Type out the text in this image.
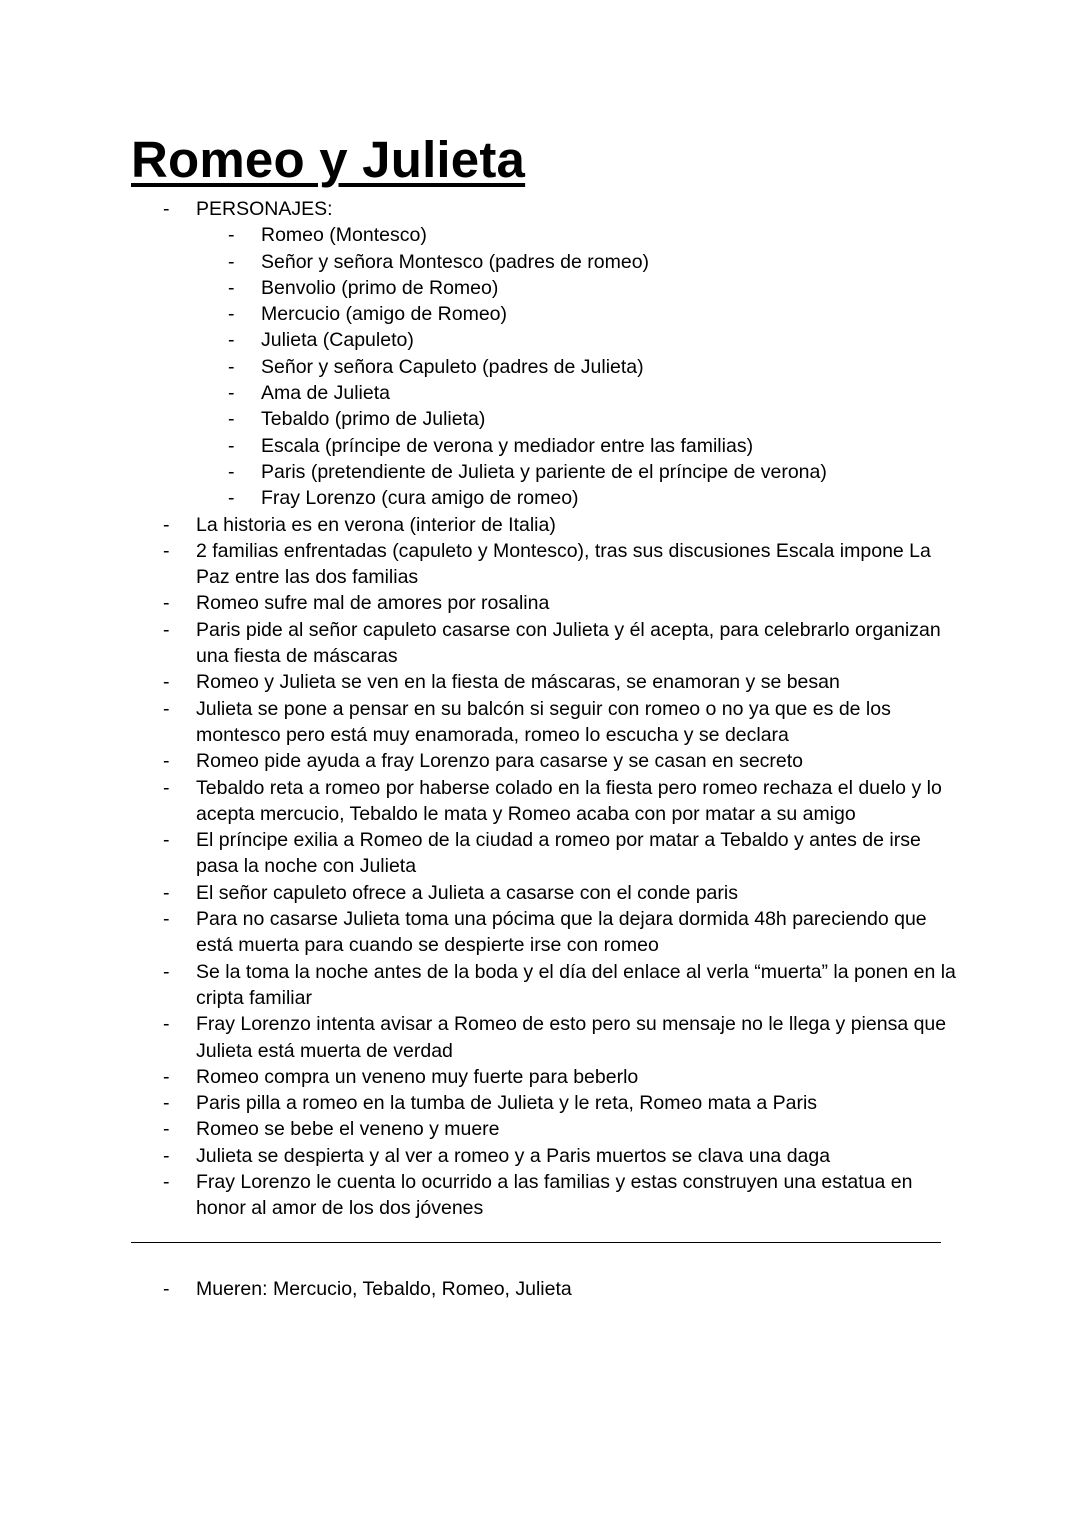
Romeo y Julieta
- PERSONAJES:
- Romeo (Montesco)
- Señor y señora Montesco (padres de romeo)
- Benvolio (primo de Romeo)
- Mercucio (amigo de Romeo)
- Julieta (Capuleto)
- Señor y señora Capuleto (padres de Julieta)
- Ama de Julieta
- Tebaldo (primo de Julieta)
- Escala (príncipe de verona y mediador entre las familias)
- Paris (pretendiente de Julieta y pariente de el príncipe de verona)
- Fray Lorenzo (cura amigo de romeo)
- La historia es en verona (interior de Italia)
- 2 familias enfrentadas (capuleto y Montesco), tras sus discusiones Escala impone La Paz entre las dos familias
- Romeo sufre mal de amores por rosalina
- Paris pide al señor capuleto casarse con Julieta y él acepta, para celebrarlo organizan una fiesta de máscaras
- Romeo y Julieta se ven en la fiesta de máscaras, se enamoran y se besan
- Julieta se pone a pensar en su balcón si seguir con romeo o no ya que es de los montesco pero está muy enamorada, romeo lo escucha y se declara
- Romeo pide ayuda a fray Lorenzo para casarse y se casan en secreto
- Tebaldo reta a romeo por haberse colado en la fiesta pero romeo rechaza el duelo y lo acepta mercucio, Tebaldo le mata y Romeo acaba con por matar a su amigo
- El príncipe exilia a Romeo de la ciudad a romeo por matar a Tebaldo y antes de irse pasa la noche con Julieta
- El señor capuleto ofrece a Julieta a casarse con el conde paris
- Para no casarse Julieta toma una pócima que la dejara dormida 48h pareciendo que está muerta para cuando se despierte irse con romeo
- Se la toma la noche antes de la boda y el día del enlace al verla “muerta” la ponen en la cripta familiar
- Fray Lorenzo intenta avisar a Romeo de esto pero su mensaje no le llega y piensa que Julieta está muerta de verdad
- Romeo compra un veneno muy fuerte para beberlo
- Paris pilla a romeo en la tumba de Julieta y le reta, Romeo mata a Paris
- Romeo se bebe el veneno y muere
- Julieta se despierta y al ver a romeo y a Paris muertos se clava una daga
- Fray Lorenzo le cuenta lo ocurrido a las familias y estas construyen una estatua en honor al amor de los dos jóvenes
- Mueren: Mercucio, Tebaldo, Romeo, Julieta
